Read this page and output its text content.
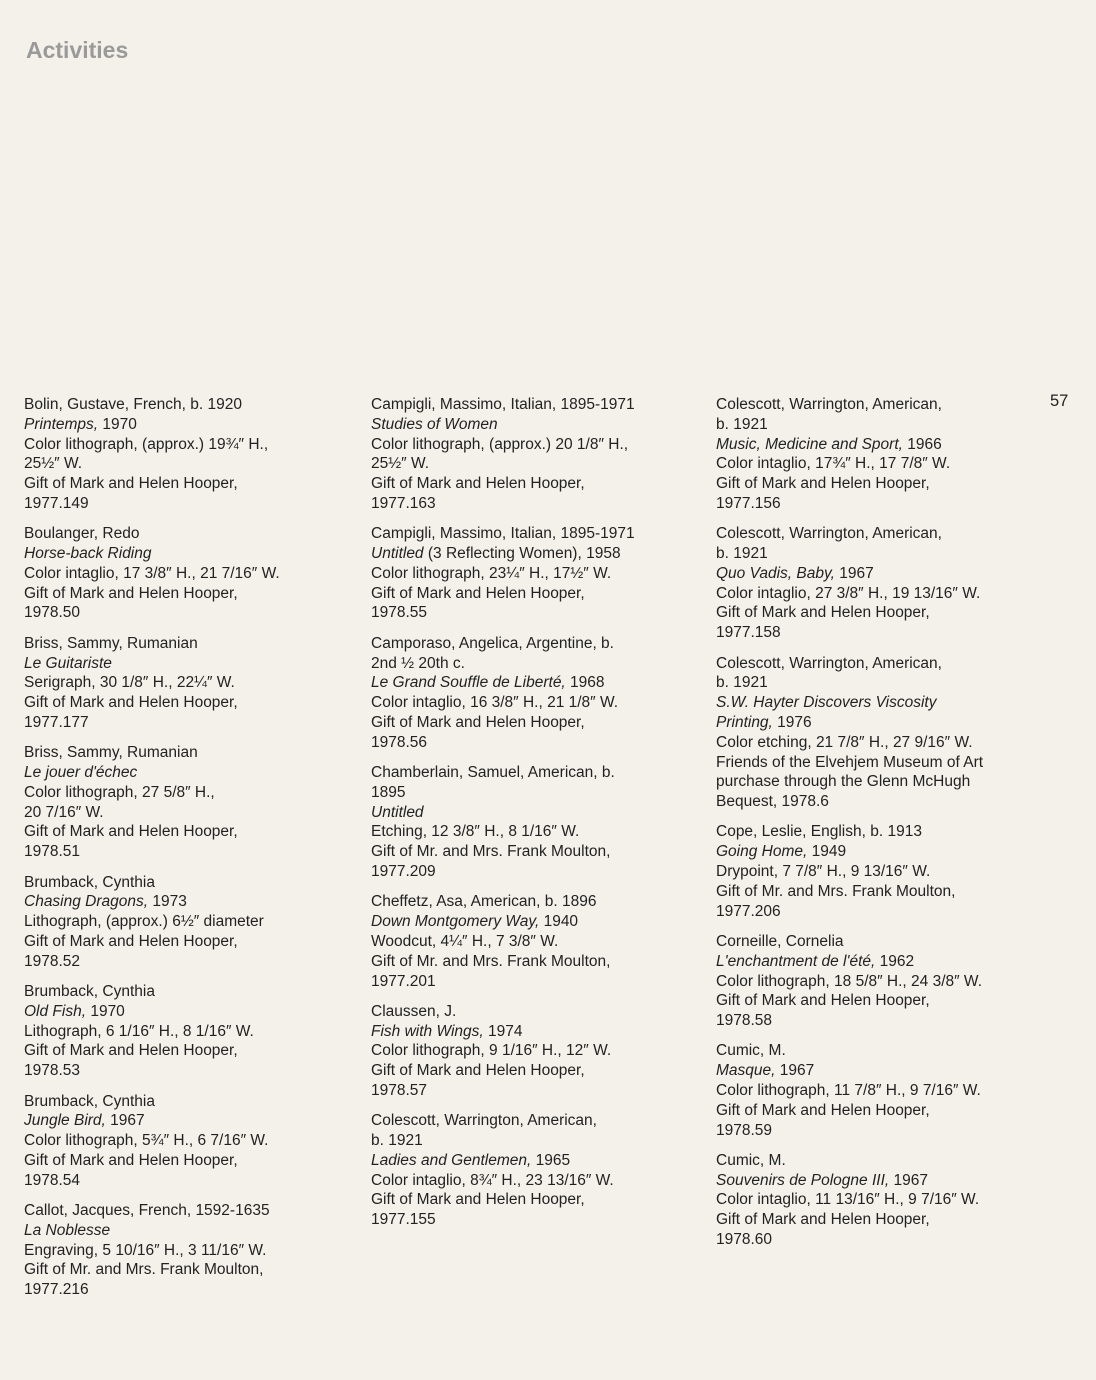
Activities
57
Bolin, Gustave, French, b. 1920
Printemps, 1970
Color lithograph, (approx.) 19¾″ H.,
25½″ W.
Gift of Mark and Helen Hooper,
1977.149
Boulanger, Redo
Horse-back Riding
Color intaglio, 17 3/8″ H., 21 7/16″ W.
Gift of Mark and Helen Hooper,
1978.50
Briss, Sammy, Rumanian
Le Guitariste
Serigraph, 30 1/8″ H., 22¼″ W.
Gift of Mark and Helen Hooper,
1977.177
Briss, Sammy, Rumanian
Le jouer d'échec
Color lithograph, 27 5/8″ H.,
20 7/16″ W.
Gift of Mark and Helen Hooper,
1978.51
Brumback, Cynthia
Chasing Dragons, 1973
Lithograph, (approx.) 6½″ diameter
Gift of Mark and Helen Hooper,
1978.52
Brumback, Cynthia
Old Fish, 1970
Lithograph, 6 1/16″ H., 8 1/16″ W.
Gift of Mark and Helen Hooper,
1978.53
Brumback, Cynthia
Jungle Bird, 1967
Color lithograph, 5¾″ H., 6 7/16″ W.
Gift of Mark and Helen Hooper,
1978.54
Callot, Jacques, French, 1592-1635
La Noblesse
Engraving, 5 10/16″ H., 3 11/16″ W.
Gift of Mr. and Mrs. Frank Moulton,
1977.216
Campigli, Massimo, Italian, 1895-1971
Studies of Women
Color lithograph, (approx.) 20 1/8″ H.,
25½″ W.
Gift of Mark and Helen Hooper,
1977.163
Campigli, Massimo, Italian, 1895-1971
Untitled (3 Reflecting Women), 1958
Color lithograph, 23¼″ H., 17½″ W.
Gift of Mark and Helen Hooper,
1978.55
Camporaso, Angelica, Argentine, b.
2nd ½ 20th c.
Le Grand Souffle de Liberté, 1968
Color intaglio, 16 3/8″ H., 21 1/8″ W.
Gift of Mark and Helen Hooper,
1978.56
Chamberlain, Samuel, American, b.
1895
Untitled
Etching, 12 3/8″ H., 8 1/16″ W.
Gift of Mr. and Mrs. Frank Moulton,
1977.209
Cheffetz, Asa, American, b. 1896
Down Montgomery Way, 1940
Woodcut, 4¼″ H., 7 3/8″ W.
Gift of Mr. and Mrs. Frank Moulton,
1977.201
Claussen, J.
Fish with Wings, 1974
Color lithograph, 9 1/16″ H., 12″ W.
Gift of Mark and Helen Hooper,
1978.57
Colescott, Warrington, American,
b. 1921
Ladies and Gentlemen, 1965
Color intaglio, 8¾″ H., 23 13/16″ W.
Gift of Mark and Helen Hooper,
1977.155
Colescott, Warrington, American,
b. 1921
Music, Medicine and Sport, 1966
Color intaglio, 17¾″ H., 17 7/8″ W.
Gift of Mark and Helen Hooper,
1977.156
Colescott, Warrington, American,
b. 1921
Quo Vadis, Baby, 1967
Color intaglio, 27 3/8″ H., 19 13/16″ W.
Gift of Mark and Helen Hooper,
1977.158
Colescott, Warrington, American,
b. 1921
S.W. Hayter Discovers Viscosity
Printing, 1976
Color etching, 21 7/8″ H., 27 9/16″ W.
Friends of the Elvehjem Museum of Art
purchase through the Glenn McHugh
Bequest, 1978.6
Cope, Leslie, English, b. 1913
Going Home, 1949
Drypoint, 7 7/8″ H., 9 13/16″ W.
Gift of Mr. and Mrs. Frank Moulton,
1977.206
Corneille, Cornelia
L'enchantment de l'été, 1962
Color lithograph, 18 5/8″ H., 24 3/8″ W.
Gift of Mark and Helen Hooper,
1978.58
Cumic, M.
Masque, 1967
Color lithograph, 11 7/8″ H., 9 7/16″ W.
Gift of Mark and Helen Hooper,
1978.59
Cumic, M.
Souvenirs de Pologne III, 1967
Color intaglio, 11 13/16″ H., 9 7/16″ W.
Gift of Mark and Helen Hooper,
1978.60
